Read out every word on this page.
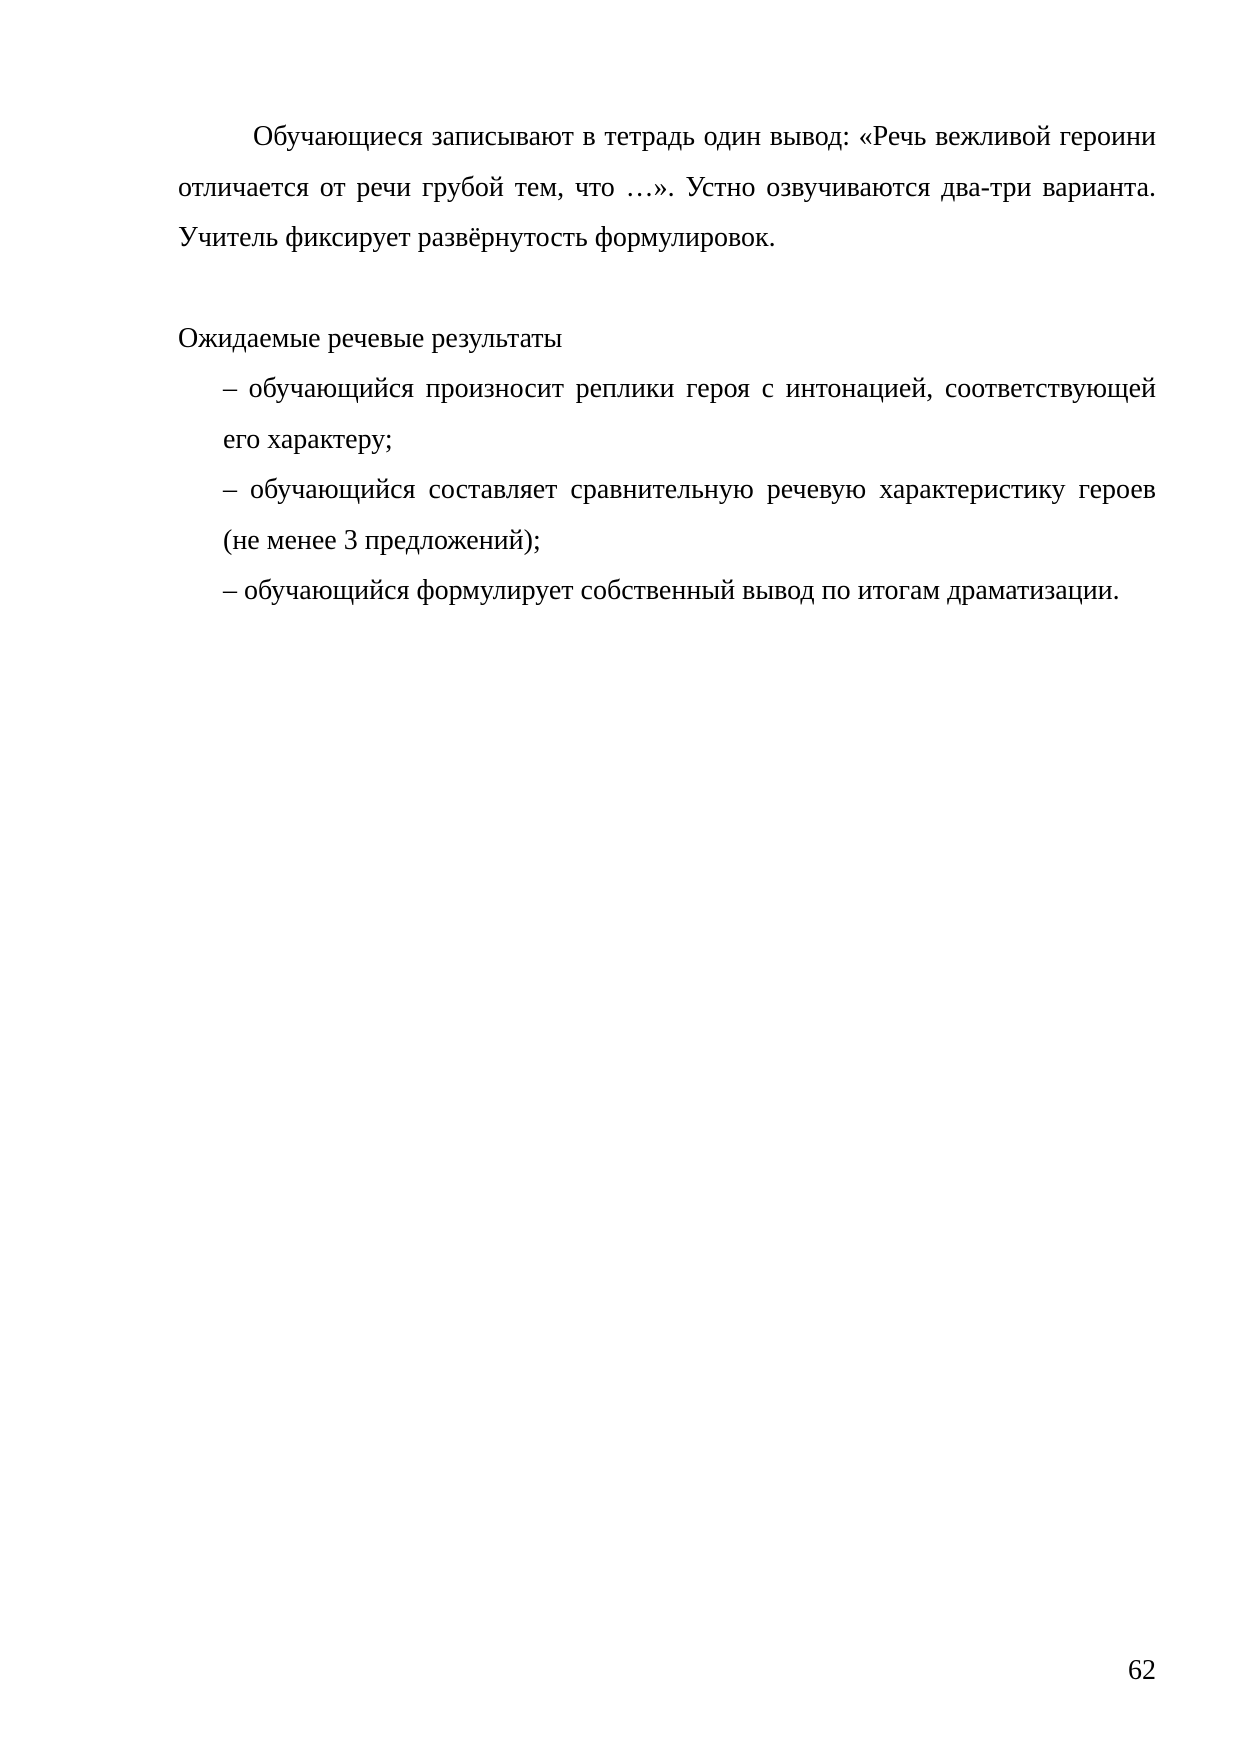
Обучающиеся записывают в тетрадь один вывод: «Речь вежливой героини отличается от речи грубой тем, что …». Устно озвучиваются два-три варианта. Учитель фиксирует развёрнутость формулировок.

Ожидаемые речевые результаты
– обучающийся произносит реплики героя с интонацией, соответствующей его характеру;
– обучающийся составляет сравнительную речевую характеристику героев (не менее 3 предложений);
– обучающийся формулирует собственный вывод по итогам драматизации.
62
